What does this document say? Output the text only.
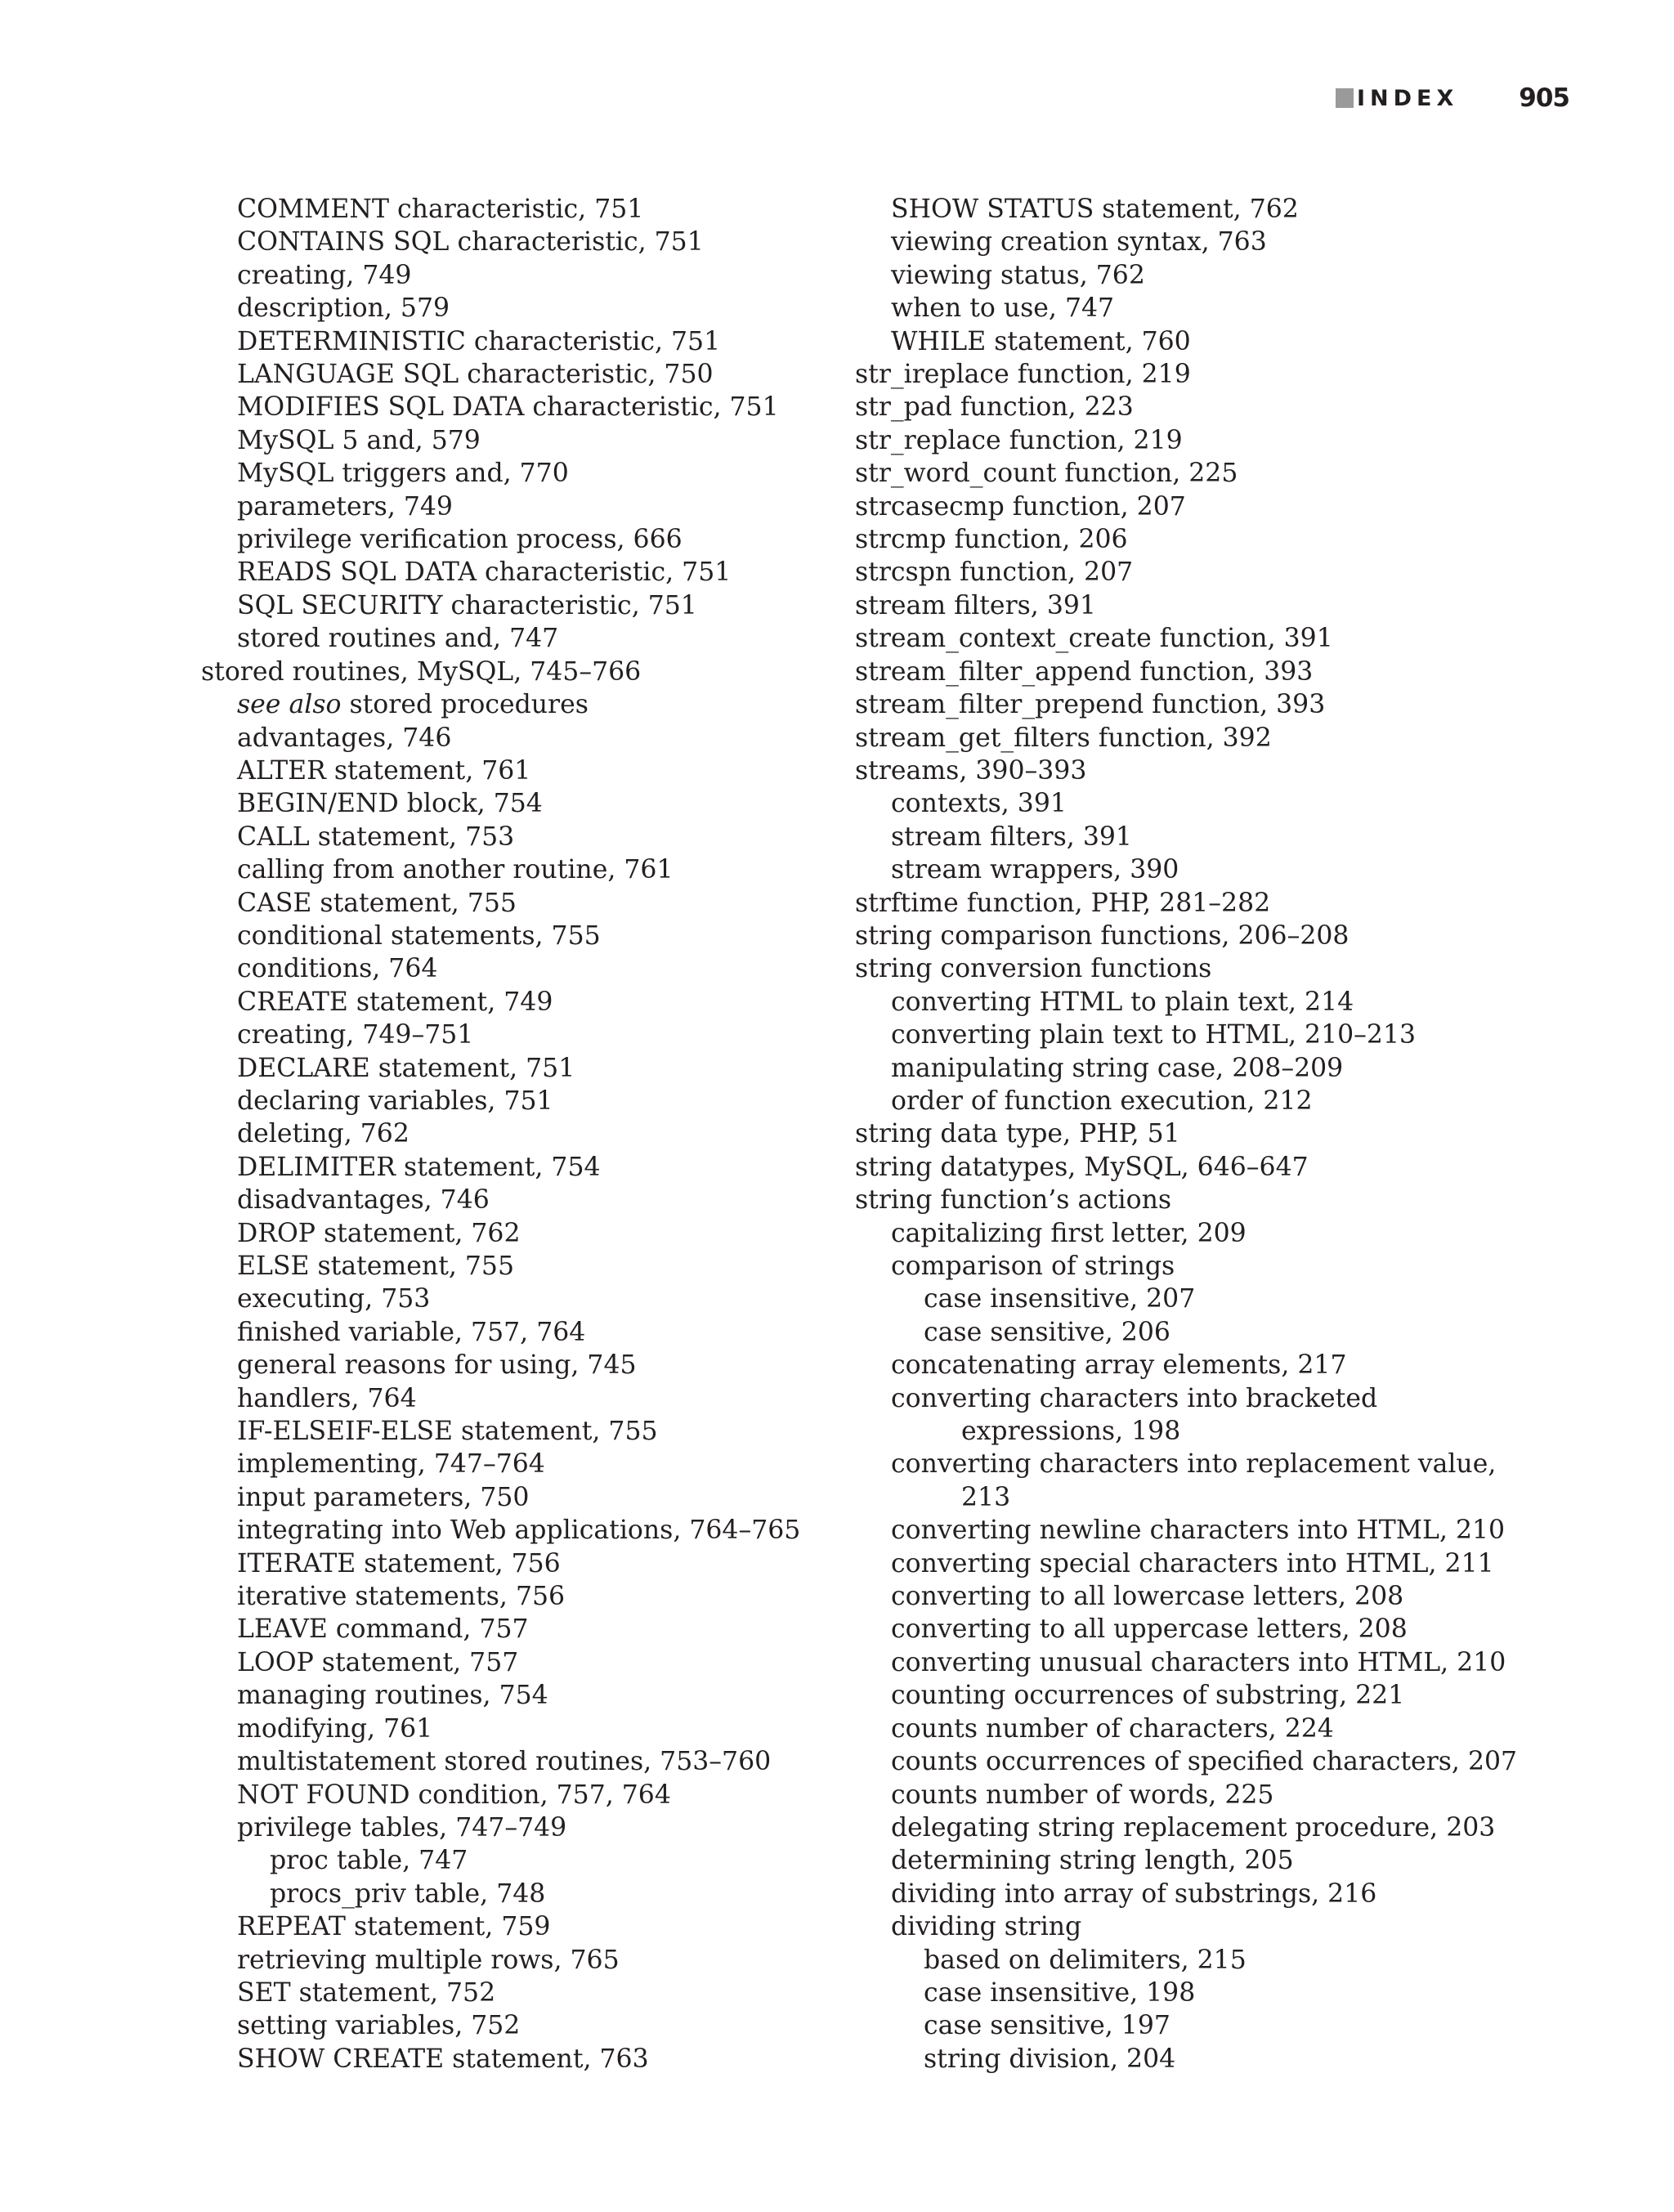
INDEX 905
COMMENT characteristic, 751
CONTAINS SQL characteristic, 751
creating, 749
description, 579
DETERMINISTIC characteristic, 751
LANGUAGE SQL characteristic, 750
MODIFIES SQL DATA characteristic, 751
MySQL 5 and, 579
MySQL triggers and, 770
parameters, 749
privilege verification process, 666
READS SQL DATA characteristic, 751
SQL SECURITY characteristic, 751
stored routines and, 747
stored routines, MySQL, 745–766
see also stored procedures
advantages, 746
ALTER statement, 761
BEGIN/END block, 754
CALL statement, 753
calling from another routine, 761
CASE statement, 755
conditional statements, 755
conditions, 764
CREATE statement, 749
creating, 749–751
DECLARE statement, 751
declaring variables, 751
deleting, 762
DELIMITER statement, 754
disadvantages, 746
DROP statement, 762
ELSE statement, 755
executing, 753
finished variable, 757, 764
general reasons for using, 745
handlers, 764
IF-ELSEIF-ELSE statement, 755
implementing, 747–764
input parameters, 750
integrating into Web applications, 764–765
ITERATE statement, 756
iterative statements, 756
LEAVE command, 757
LOOP statement, 757
managing routines, 754
modifying, 761
multistatement stored routines, 753–760
NOT FOUND condition, 757, 764
privilege tables, 747–749
proc table, 747
procs_priv table, 748
REPEAT statement, 759
retrieving multiple rows, 765
SET statement, 752
setting variables, 752
SHOW CREATE statement, 763
SHOW STATUS statement, 762
viewing creation syntax, 763
viewing status, 762
when to use, 747
WHILE statement, 760
str_ireplace function, 219
str_pad function, 223
str_replace function, 219
str_word_count function, 225
strcasecmp function, 207
strcmp function, 206
strcspn function, 207
stream filters, 391
stream_context_create function, 391
stream_filter_append function, 393
stream_filter_prepend function, 393
stream_get_filters function, 392
streams, 390–393
contexts, 391
stream filters, 391
stream wrappers, 390
strftime function, PHP, 281–282
string comparison functions, 206–208
string conversion functions
converting HTML to plain text, 214
converting plain text to HTML, 210–213
manipulating string case, 208–209
order of function execution, 212
string data type, PHP, 51
string datatypes, MySQL, 646–647
string function’s actions
capitalizing first letter, 209
comparison of strings
case insensitive, 207
case sensitive, 206
concatenating array elements, 217
converting characters into bracketed
expressions, 198
converting characters into replacement value,
213
converting newline characters into HTML, 210
converting special characters into HTML, 211
converting to all lowercase letters, 208
converting to all uppercase letters, 208
converting unusual characters into HTML, 210
counting occurrences of substring, 221
counts number of characters, 224
counts occurrences of specified characters, 207
counts number of words, 225
delegating string replacement procedure, 203
determining string length, 205
dividing into array of substrings, 216
dividing string
based on delimiters, 215
case insensitive, 198
case sensitive, 197
string division, 204
